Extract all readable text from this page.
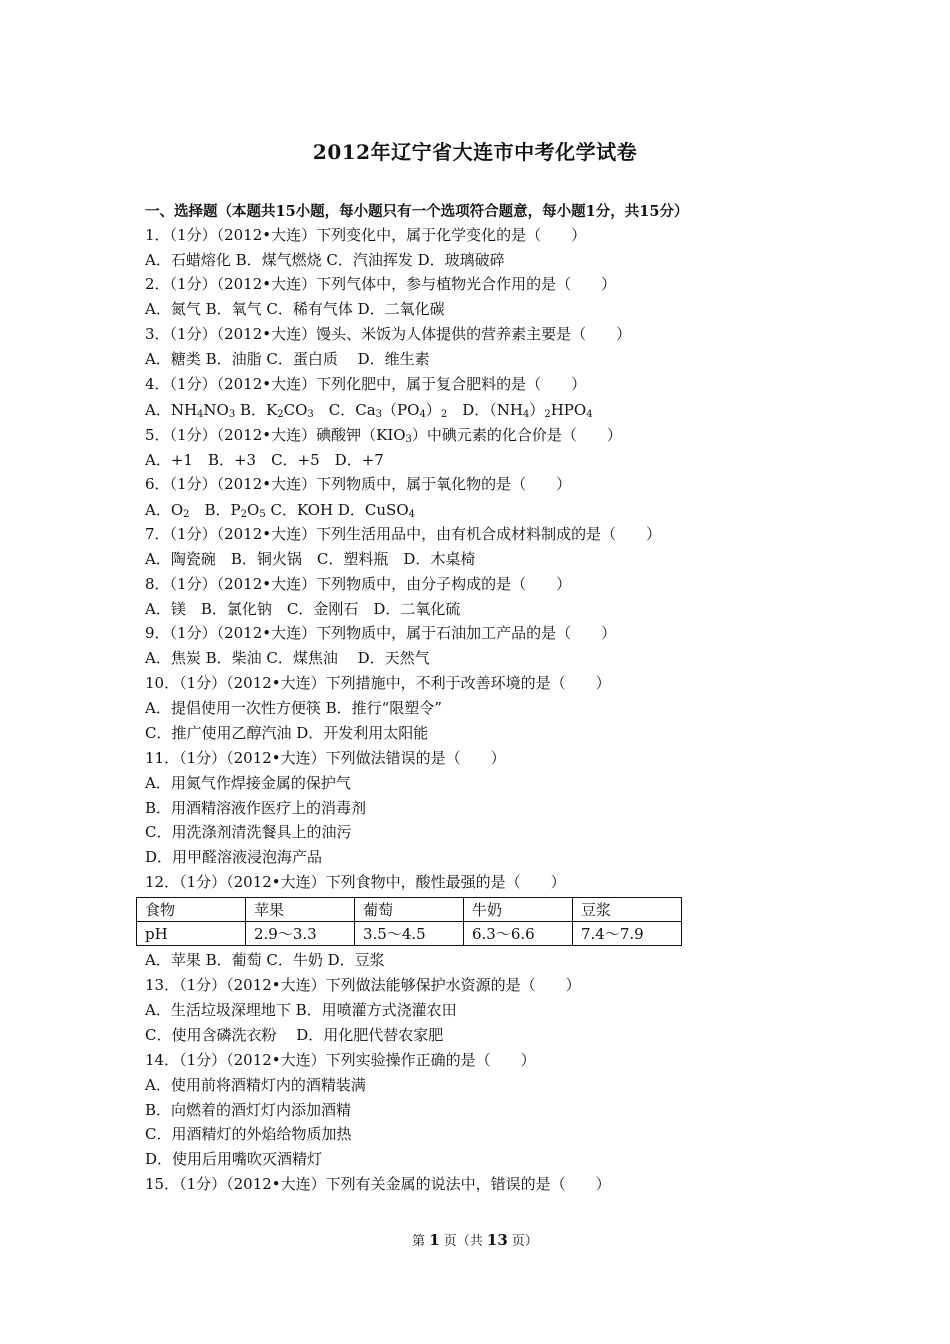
2012年辽宁省大连市中考化学试卷
一、选择题（本题共15小题，每小题只有一个选项符合题意，每小题1分，共15分）
1．（1分）（2012•大连）下列变化中，属于化学变化的是（　　）
A．石蜡熔化 B．煤气燃烧 C．汽油挥发 D．玻璃破碎
2．（1分）（2012•大连）下列气体中，参与植物光合作用的是（　　）
A．氮气 B．氧气 C．稀有气体 D．二氧化碳
3．（1分）（2012•大连）馒头、米饭为人体提供的营养素主要是（　　）
A．糖类 B．油脂 C．蛋白质　 D．维生素
4．（1分）（2012•大连）下列化肥中，属于复合肥料的是（　　）
A．$NH_4NO_3$ B．$K_2CO_3$　C．$Ca_3(PO_4)_2$　D．$(NH_4)_2HPO_4$
5．（1分）（2012•大连）碘酸钾$(KIO_3)$中碘元素的化合价是（　　）
A．+1　B．+3　C．+5　D．+7
6．（1分）（2012•大连）下列物质中，属于氧化物的是（　　）
A．$O_2$　B．$P_2O_5$ C．KOH D．CuSO$_4$
7．（1分）（2012•大连）下列生活用品中，由有机合成材料制成的是（　　）
A．陶瓷碗　B．铜火锅　C．塑料瓶　D．木桌椅
8．（1分）（2012•大连）下列物质中，由分子构成的是（　　）
A．镁　B．氯化钠　C．金刚石　D．二氧化硫
9．（1分）（2012•大连）下列物质中，属于石油加工产品的是（　　）
A．焦炭 B．柴油 C．煤焦油　 D．天然气
10．（1分）（2012•大连）下列措施中，不利于改善环境的是（　　）
A．提倡使用一次性方便筷 B．推行“限塑令”
C．推广使用乙醇汽油 D．开发利用太阳能
11．（1分）（2012•大连）下列做法错误的是（　　）
A．用氮气作焊接金属的保护气
B．用酒精溶液作医疗上的消毒剂
C．用洗涤剂清洗餐具上的油污
D．用甲醛溶液浸泡海产品
12．（1分）（2012•大连）下列食物中，酸性最强的是（　　）
食物	苹果	葡萄	牛奶	豆浆
pH	2.9～3.3	3.5～4.5	6.3～6.6	7.4～7.9
A．苹果 B．葡萄 C．牛奶 D．豆浆
13．（1分）（2012•大连）下列做法能够保护水资源的是（　　）
A．生活垃圾深埋地下 B．用喷灌方式浇灌农田
C．使用含磷洗衣粉　 D．用化肥代替农家肥
14．（1分）（2012•大连）下列实验操作正确的是（　　）
A．使用前将酒精灯内的酒精装满
B．向燃着的酒灯灯内添加酒精
C．用酒精灯的外焰给物质加热
D．使用后用嘴吹灭酒精灯
15．（1分）（2012•大连）下列有关金属的说法中，错误的是（　　）
第 1 页（共 13 页）
